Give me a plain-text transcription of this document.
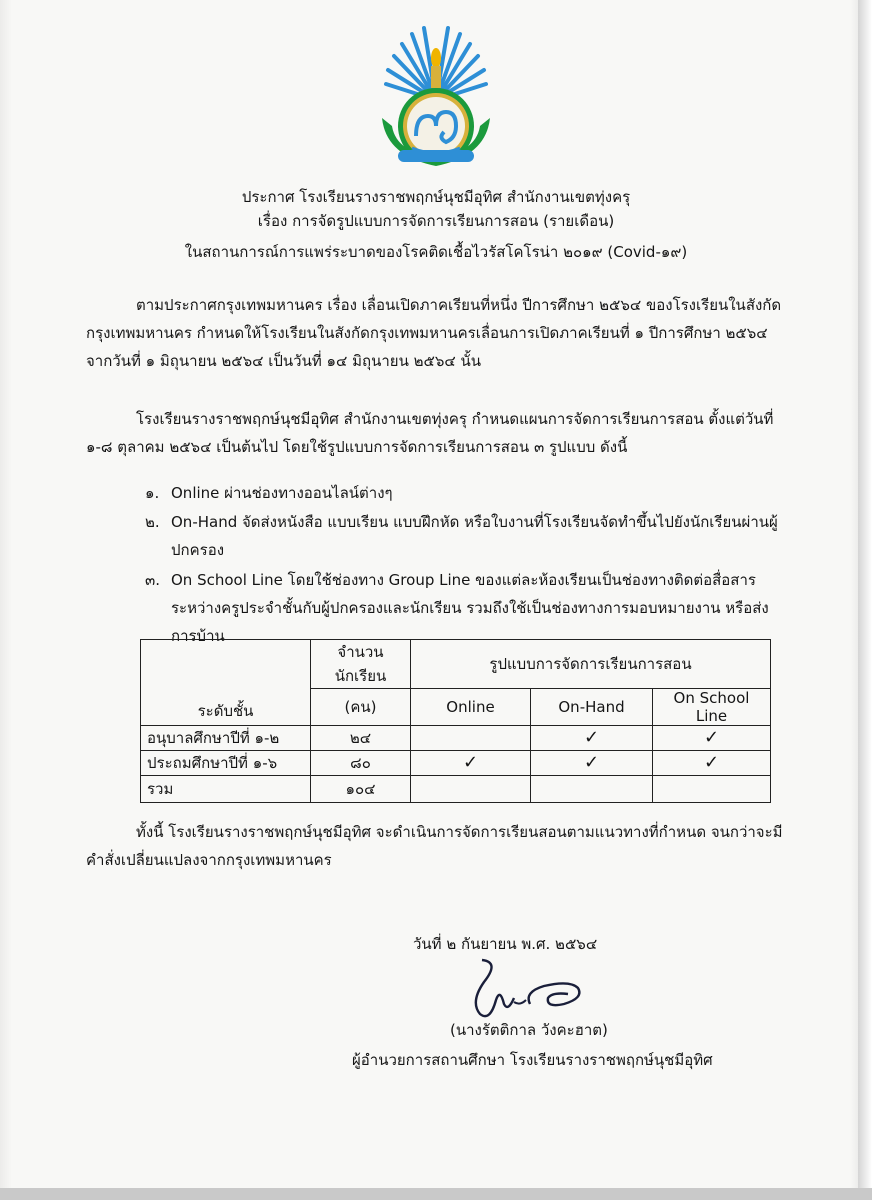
ประกาศ โรงเรียนรางราชพฤกษ์นุชมีอุทิศ สำนักงานเขตทุ่งครุ
เรื่อง การจัดรูปแบบการจัดการเรียนการสอน (รายเดือน)
ในสถานการณ์การแพร่ระบาดของโรคติดเชื้อไวรัสโคโรน่า ๒๐๑๙ (Covid-๑๙)

ตามประกาศกรุงเทพมหานคร เรื่อง เลื่อนเปิดภาคเรียนที่หนึ่ง ปีการศึกษา ๒๕๖๔ ของโรงเรียนในสังกัดกรุงเทพมหานคร กำหนดให้โรงเรียนในสังกัดกรุงเทพมหานครเลื่อนการเปิดภาคเรียนที่ ๑ ปีการศึกษา ๒๕๖๔ จากวันที่ ๑ มิถุนายน ๒๕๖๔ เป็นวันที่ ๑๔ มิถุนายน ๒๕๖๔ นั้น

โรงเรียนรางราชพฤกษ์นุชมีอุทิศ สำนักงานเขตทุ่งครุ กำหนดแผนการจัดการเรียนการสอน ตั้งแต่วันที่ ๑-๘ ตุลาคม ๒๕๖๔ เป็นต้นไป โดยใช้รูปแบบการจัดการเรียนการสอน ๓ รูปแบบ ดังนี้

๑. Online ผ่านช่องทางออนไลน์ต่างๆ
๒. On-Hand จัดส่งหนังสือ แบบเรียน แบบฝึกหัด หรือใบงานที่โรงเรียนจัดทำขึ้นไปยังนักเรียนผ่านผู้ปกครอง
๓. On School Line โดยใช้ช่องทาง Group Line ของแต่ละห้องเรียนเป็นช่องทางติดต่อสื่อสารระหว่างครูประจำชั้นกับผู้ปกครองและนักเรียน รวมถึงใช้เป็นช่องทางการมอบหมายงาน หรือส่งการบ้าน
ระดับชั้น	จำนวนนักเรียน	รูปแบบการจัดการเรียนการสอน		
	(คน)	Online	On-Hand	On School Line
อนุบาลศึกษาปีที่ ๑-๒	๒๔		✓	✓
ประถมศึกษาปีที่ ๑-๖	๘๐	✓	✓	✓
รวม	๑๐๔			

ทั้งนี้ โรงเรียนรางราชพฤกษ์นุชมีอุทิศ จะดำเนินการจัดการเรียนสอนตามแนวทางที่กำหนด จนกว่าจะมีคำสั่งเปลี่ยนแปลงจากกรุงเทพมหานคร

วันที่ ๒ กันยายน พ.ศ. ๒๕๖๔
(นางรัตติกาล วังคะฮาต)
ผู้อำนวยการสถานศึกษา โรงเรียนรางราชพฤกษ์นุชมีอุทิศ
